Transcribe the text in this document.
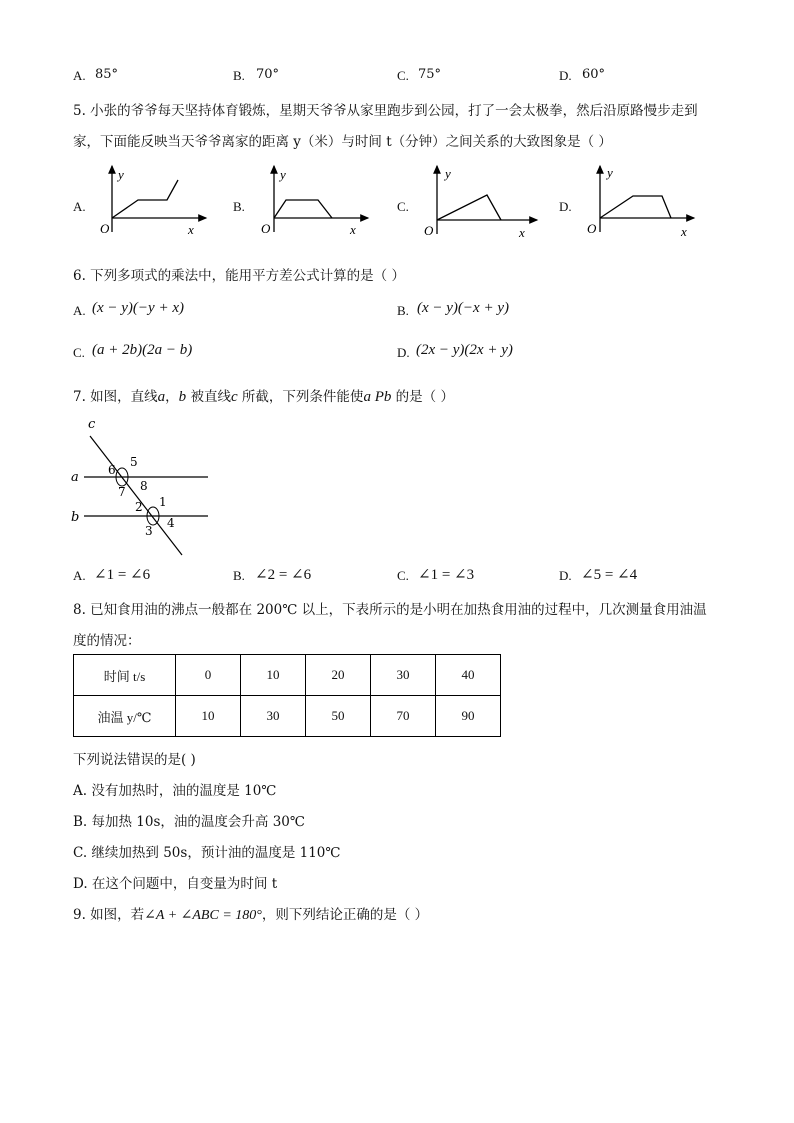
A. 85°	B. 70°	C. 75°	D. 60°
5. 小张的爷爷每天坚持体育锻炼，星期天爷爷从家里跑步到公园，打了一会太极拳，然后沿原路慢步走到
家，下面能反映当天爷爷离家的距离 y（米）与时间 t（分钟）之间关系的大致图象是（ ）
A.
y
x
O
B.
y
x
O
C.
y
x
O
D.
y
x
O
6. 下列多项式的乘法中，能用平方差公式计算的是（ ）
A. (x − y)(−y + x)	B. (x − y)(−x + y)
C. (a + 2b)(2a − b)	D. (2x − y)(2x + y)
7. 如图，直线a，b 被直线c 所截，下列条件能使a Pb 的是（ ）
c
a
b
1
2
3
4
5
6
7 8
A. ∠1 = ∠6	B. ∠2 = ∠6	C. ∠1 = ∠3	D. ∠5 = ∠4
8. 已知食用油的沸点一般都在 200℃ 以上，下表所示的是小明在加热食用油的过程中，几次测量食用油温
度的情况：
时间 t/s	0	10	20	30	40
油温 y/℃	10	30	50	70	90
下列说法错误的是( )
A. 没有加热时，油的温度是 10℃
B. 每加热 10s，油的温度会升高 30℃
C. 继续加热到 50s，预计油的温度是 110℃
D. 在这个问题中，自变量为时间 t
9. 如图，若∠A + ∠ABC = 180°，则下列结论正确的是（ ）
